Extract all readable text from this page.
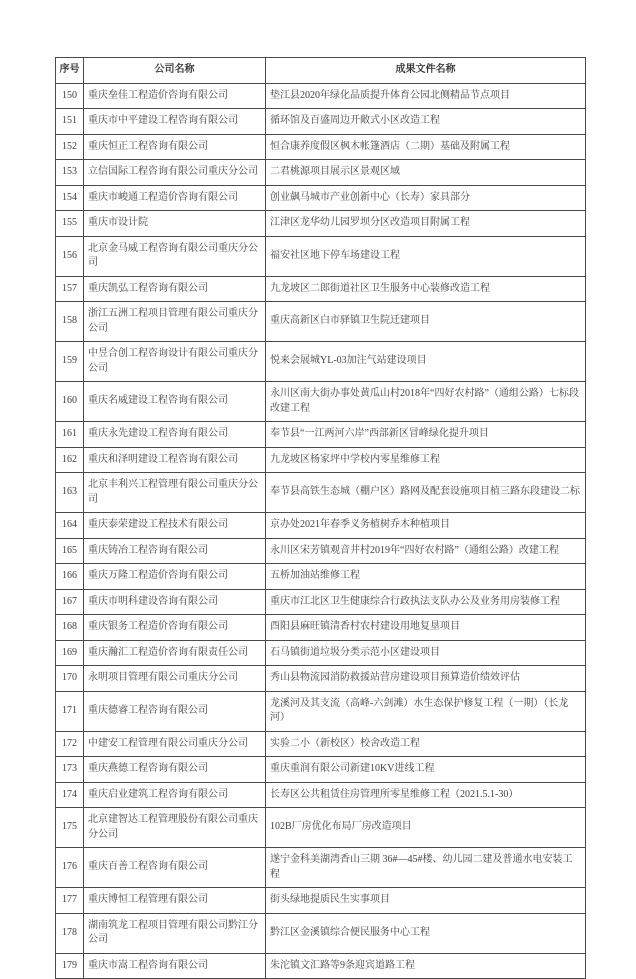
序号	公司名称	成果文件名称
150	重庆垒佳工程造价咨询有限公司	垫江县2020年绿化品质提升体育公园北侧精品节点项目
151	重庆市中平建设工程咨询有限公司	循环馆及百盛周边开敞式小区改造工程
152	重庆恒正工程咨询有限公司	恒合康养度假区枫木帐篷酒店（二期）基础及附属工程
153	立信国际工程咨询有限公司重庆分公司	二君桃源项目展示区景观区域
154	重庆市峻通工程造价咨询有限公司	创业飙马城市产业创新中心（长寿）家具部分
155	重庆市设计院	江津区龙华幼儿园罗坝分区改造项目附属工程
156	北京金马威工程咨询有限公司重庆分公司	福安社区地下停车场建设工程
157	重庆凯弘工程咨询有限公司	九龙坡区二郎街道社区卫生服务中心装修改造工程
158	浙江五洲工程项目管理有限公司重庆分公司	重庆高新区白市驿镇卫生院迁建项目
159	中昱合创工程咨询设计有限公司重庆分公司	悦来会展城YL-03加注气站建设项目
160	重庆名威建设工程咨询有限公司	永川区南大街办事处黄瓜山村2018年“四好农村路”（通组公路）七标段改建工程
161	重庆永先建设工程咨询有限公司	奉节县“一江两河六岸”西部新区冒峰绿化提升项目
162	重庆和泽明建设工程咨询有限公司	九龙坡区杨家坪中学校内零星维修工程
163	北京丰利兴工程管理有限公司重庆分公司	奉节县高铁生态城（棚户区）路网及配套设施项目植三路东段建设二标
164	重庆泰荣建设工程技术有限公司	京办处2021年春季义务植树乔木种植项目
165	重庆铸冶工程咨询有限公司	永川区宋芳镇观音井村2019年“四好农村路”（通组公路）改建工程
166	重庆万隆工程造价咨询有限公司	五桥加油站维修工程
167	重庆市明科建设咨询有限公司	重庆市江北区卫生健康综合行政执法支队办公及业务用房装修工程
168	重庆银务工程造价咨询有限公司	酉阳县麻旺镇清香村农村建设用地复垦项目
169	重庆瀚汇工程造价咨询有限责任公司	石马镇街道垃圾分类示范小区建设项目
170	永明项目管理有限公司重庆分公司	秀山县物流园消防救援站营房建设项目预算造价绩效评估
171	重庆德睿工程咨询有限公司	龙溪河及其支流（高峰-六剑滩）水生态保护修复工程（一期）（长龙河）
172	中建安工程管理有限公司重庆分公司	实验二小（新校区）校舍改造工程
173	重庆燕德工程咨询有限公司	重庆重润有限公司新建10KV进线工程
174	重庆启业建筑工程咨询有限公司	长寿区公共租赁住房管理所零星维修工程（2021.5.1-30）
175	北京建智达工程管理股份有限公司重庆分公司	102B厂房优化布局厂房改造项目
176	重庆百善工程咨询有限公司	遂宁金科美湖湾香山三期 36#—45#楼、幼儿园二建及普通水电安装工程
177	重庆博恒工程管理有限公司	街头绿地提质民生实事项目
178	湖南筑龙工程项目管理有限公司黔江分公司	黔江区金溪镇综合便民服务中心工程
179	重庆市嵩工程咨询有限公司	朱沱镇文汇路等9条迎宾道路工程
